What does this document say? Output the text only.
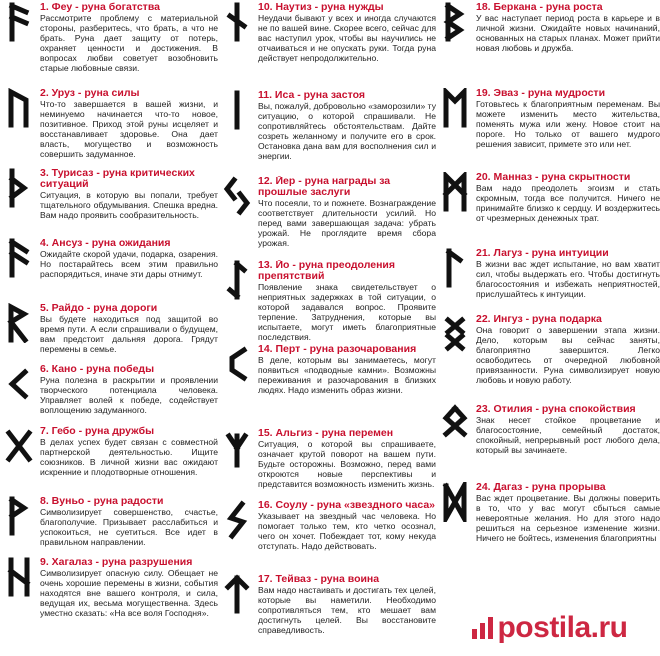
1. Феу - руна богатства
Рассмотрите проблему с материальной стороны, разберитесь, что брать, а что не брать. Руна дает защиту от потерь, охраняет ценности и достижения. В вопросах любви советует возобновить старые любовные связи.
2. Уруз - руна силы
Что-то завершается в вашей жизни, и неминуемо начинается что-то новое, позитивное. Приход этой руны исцеляет и восстанавливает здоровье. Она дает власть, могущество и возможность совершить задуманное.
3. Турисаз - руна критических ситуаций
Ситуация, в которую вы попали, требует тщательного обдумывания. Спешка вредна. Вам надо проявить сообразительность.
4. Ансуз - руна ожидания
Ожидайте скорой удачи, подарка, озарения. Но постарайтесь всем этим правильно распорядиться, иначе эти дары отнимут.
5. Райдо - руна дороги
Вы будете находиться под защитой во время пути. А если спрашивали о будущем, вам предстоит дальняя дорога. Грядут перемены в семье.
6. Кано - руна победы
Руна полезна в раскрытии и проявлении творческого потенциала человека. Управляет волей к победе, содействует воплощению задуманного.
7. Гебо - руна дружбы
В делах успех будет связан с совместной партнерской деятельностью. Ищите союзников. В личной жизни вас ожидают искренние и плодотворные отношения.
8. Вуньо - руна радости
Символизирует совершенство, счастье, благополучие. Призывает расслабиться и успокоиться, не суетиться. Все идет в правильном направлении.
9. Хагалаз - руна разрушения
Символизирует опасную силу. Обещает не очень хорошие перемены в жизни, события находятся вне вашего контроля, и сила, ведущая их, весьма могущественна. Здесь уместно сказать: «На все воля Господня».
10. Наутиз - руна нужды
Неудачи бывают у всех и иногда случаются не по вашей вине. Скорее всего, сейчас для вас наступил урок, чтобы вы научились не отчаиваться и не опускать руки. Тогда руна действует непродолжительно.
11. Иса - руна застоя
Вы, пожалуй, добровольно «заморозили» ту ситуацию, о которой спрашивали. Не сопротивляйтесь обстоятельствам. Дайте созреть желанному и получите его в срок. Остановка дана вам для восполнения сил и энергии.
12. Йер - руна награды за прошлые заслуги
Что посеяли, то и пожнете. Вознаграждение соответствует длительности усилий. Но перед вами завершающая задача: убрать урожай. Не проглядите время сбора урожая.
13. Йо - руна преодоления препятствий
Появление знака свидетельствует о неприятных задержках в той ситуации, о которой задавался вопрос. Проявите терпение. Затруднения, которые вы испытаете, могут иметь благоприятные последствия.
14. Перт - руна разочарования
В деле, которым вы занимаетесь, могут появиться «подводные камни». Возможны переживания и разочарования в близких людях. Надо изменить образ жизни.
15. Альгиз - руна перемен
Ситуация, о которой вы спрашиваете, означает крутой поворот на вашем пути. Будьте осторожны. Возможно, перед вами откроются новые перспективы и представится возможность изменить жизнь.
16. Соулу - руна «звездного часа»
Указывает на звездный час человека. Но помогает только тем, кто четко осознал, чего он хочет. Побеждает тот, кому некуда отступать. Надо действовать.
17. Тейваз - руна воина
Вам надо настаивать и достигать тех целей, которые вы наметили. Необходимо сопротивляться тем, кто мешает вам достигнуть целей. Вы восстановите справедливость.
18. Беркана - руна роста
У вас наступает период роста в карьере и в личной жизни. Ожидайте новых начинаний, основанных на старых планах. Может прийти новая любовь и дружба.
19. Эваз - руна мудрости
Готовьтесь к благоприятным переменам. Вы можете изменить место жительства, поменять мужа или жену. Новое стоит на пороге. Но только от вашего мудрого решения зависит, примете это или нет.
20. Манназ - руна скрытности
Вам надо преодолеть эгоизм и стать скромным, тогда все получится. Ничего не принимайте близко к сердцу. И воздержитесь от чрезмерных денежных трат.
21. Лагуз - руна интуиции
В жизни вас ждет испытание, но вам хватит сил, чтобы выдержать его. Чтобы достигнуть благосостояния и избежать неприятностей, прислушайтесь к интуиции.
22. Ингуз - руна подарка
Она говорит о завершении этапа жизни. Дело, которым вы сейчас заняты, благоприятно завершится. Легко освободитесь от очередной любовной привязанности. Руна символизирует новую любовь и новую работу.
23. Отилия - руна спокойствия
Знак несет стойкое процветание и благосостояние, семейный достаток, спокойный, непрерывный рост любого дела, который вы зачинаете.
24. Дагаз - руна прорыва
Вас ждет процветание. Вы должны поверить в то, что у вас могут сбыться самые невероятные желания. Но для этого надо решиться на серьезное изменение жизни. Ничего не бойтесь, изменения благоприятны
postila.ru
